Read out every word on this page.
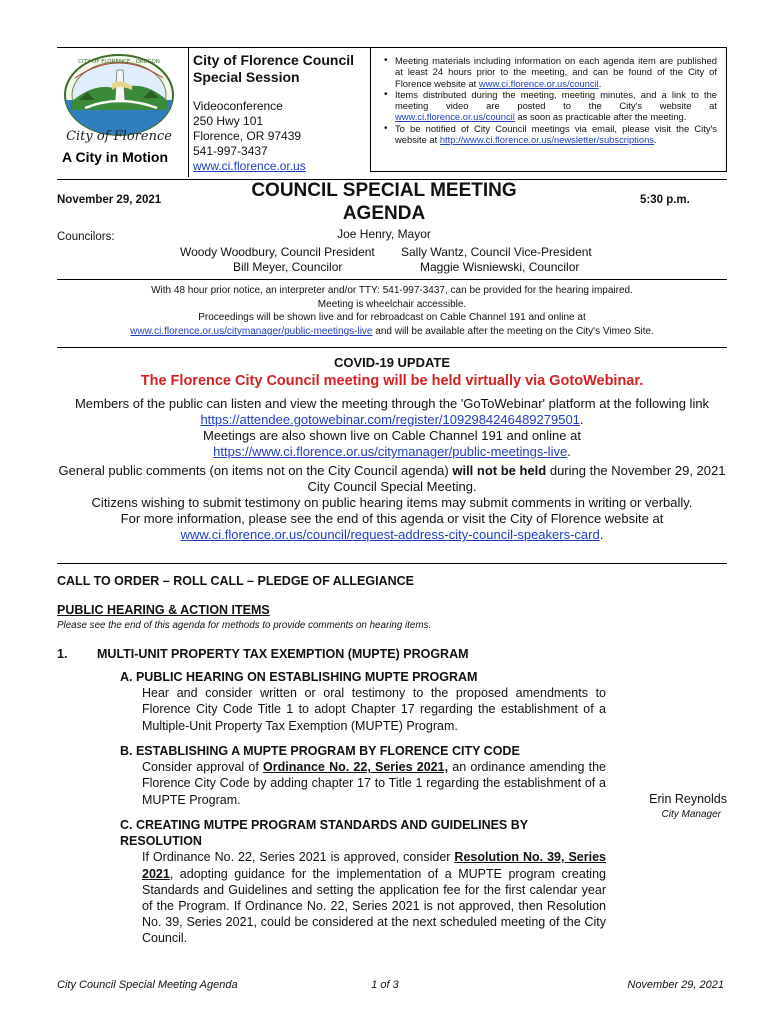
CITY OF FLORENCE · OREGON
City of Florence
A City in Motion
City of Florence Council
Special Session
Videoconference
250 Hwy 101
Florence, OR 97439
541-997-3437
www.ci.florence.or.us
• Meeting materials including information on each agenda item are published at least 24 hours prior to the meeting, and can be found of the City of Florence website at www.ci.florence.or.us/council.
• Items distributed during the meeting, meeting minutes, and a link to the meeting video are posted to the City's website at www.ci.florence.or.us/council as soon as practicable after the meeting.
• To be notified of City Council meetings via email, please visit the City's website at http://www.ci.florence.or.us/newsletter/subscriptions.
November 29, 2021	COUNCIL SPECIAL MEETING
AGENDA
5:30 p.m.
Councilors:	Joe Henry, Mayor
Woody Woodbury, Council President Sally Wantz, Council Vice-President
Bill Meyer, Councilor	Maggie Wisniewski, Councilor
With 48 hour prior notice, an interpreter and/or TTY: 541-997-3437, can be provided for the hearing impaired.
Meeting is wheelchair accessible.
Proceedings will be shown live and for rebroadcast on Cable Channel 191 and online at
www.ci.florence.or.us/citymanager/public-meetings-live and will be available after the meeting on the City's Vimeo Site.
COVID-19 UPDATE
The Florence City Council meeting will be held virtually via GotoWebinar.
Members of the public can listen and view the meeting through the 'GoToWebinar' platform at the following link https://attendee.gotowebinar.com/register/1092984246489279501.
Meetings are also shown live on Cable Channel 191 and online at
https://www.ci.florence.or.us/citymanager/public-meetings-live.
General public comments (on items not on the City Council agenda) will not be held during the November 29, 2021 City Council Special Meeting.
Citizens wishing to submit testimony on public hearing items may submit comments in writing or verbally.
For more information, please see the end of this agenda or visit the City of Florence website at
www.ci.florence.or.us/council/request-address-city-council-speakers-card.
CALL TO ORDER – ROLL CALL – PLEDGE OF ALLEGIANCE
PUBLIC HEARING & ACTION ITEMS
Please see the end of this agenda for methods to provide comments on hearing items.
1. MULTI-UNIT PROPERTY TAX EXEMPTION (MUPTE) PROGRAM
A. PUBLIC HEARING ON ESTABLISHING MUPTE PROGRAM
Hear and consider written or oral testimony to the proposed amendments to Florence City Code Title 1 to adopt Chapter 17 regarding the establishment of a Multiple-Unit Property Tax Exemption (MUPTE) Program.
B. ESTABLISHING A MUPTE PROGRAM BY FLORENCE CITY CODE
Consider approval of Ordinance No. 22, Series 2021, an ordinance amending the Florence City Code by adding chapter 17 to Title 1 regarding the establishment of a MUPTE Program.
C. CREATING MUTPE PROGRAM STANDARDS AND GUIDELINES BY RESOLUTION
If Ordinance No. 22, Series 2021 is approved, consider Resolution No. 39, Series 2021, adopting guidance for the implementation of a MUPTE program creating Standards and Guidelines and setting the application fee for the first calendar year of the Program. If Ordinance No. 22, Series 2021 is not approved, then Resolution No. 39, Series 2021, could be considered at the next scheduled meeting of the City Council.
Erin Reynolds
City Manager
City Council Special Meeting Agenda	1 of 3	November 29, 2021
